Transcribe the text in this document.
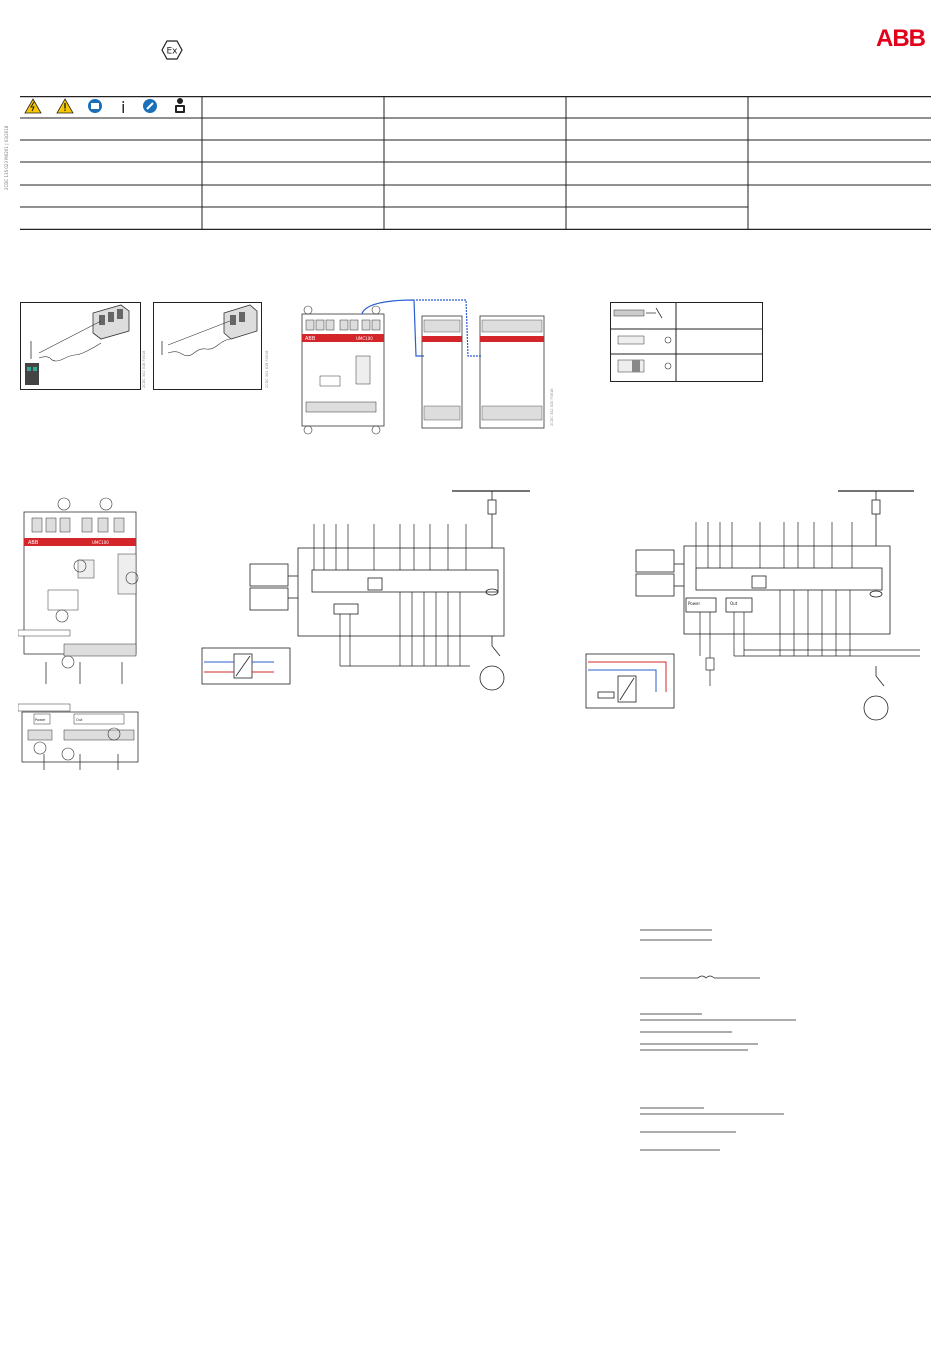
ABB
Ex
2CDC 135 023 M0201 | 03/2018
i
2CDC 342 018 F0018	2CDC 342 019 F0018
ABB	UMC100
2CDC 342 020 F0018
ABB	UMC100
Power	Out
Power	Out
